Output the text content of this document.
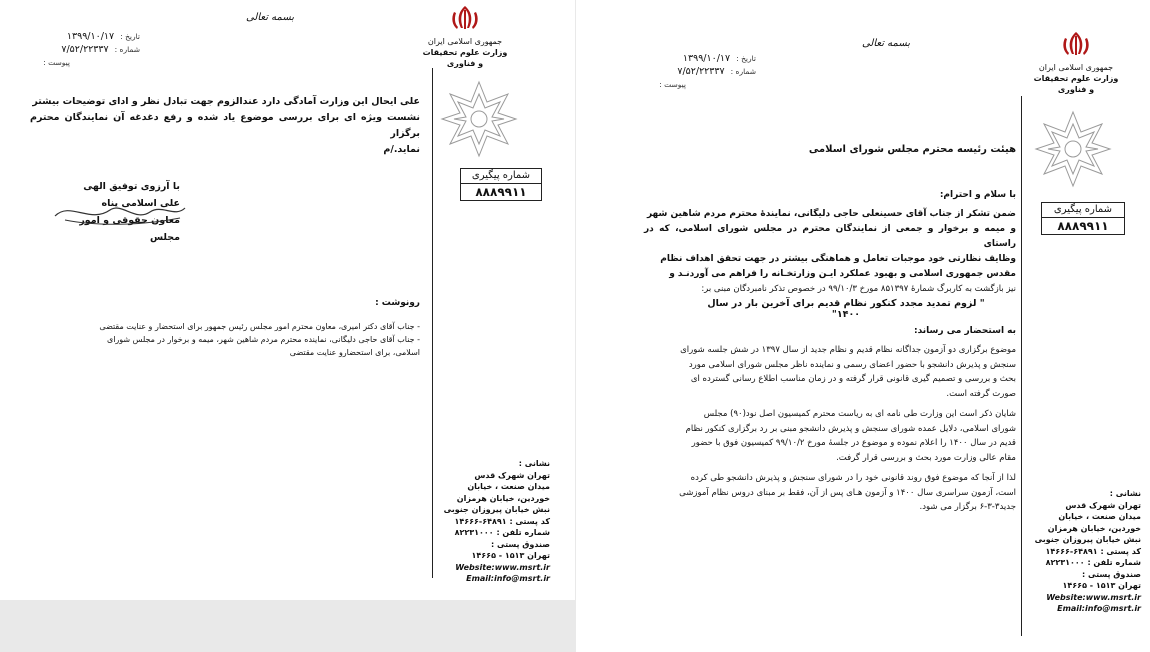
بسمه تعالی
تاریخ : ۱۳۹۹/۱۰/۱۷
شماره : ۷/۵۲/۲۲۳۳۷
پیوست :
جمهوری اسلامی ایران
وزارت علوم تحقیقات و فناوری
شماره پیگیری
۸۸۸۹۹۱۱
علی ایحال این وزارت آمادگی دارد عندالزوم جهت تبادل نظر و ادای توضیحات بیشتر
نشست ویژه ای برای بررسی موضوع یاد شده و رفع دغدغه آن نمایندگان محترم برگزار
نماید./م
با آرزوی توفیق الهی
علی اسلامی پناه
معاون حقوقی و امور مجلس
رونوشت :
- جناب آقای دکتر امیری، معاون محترم امور مجلس رئیس جمهور برای استحضار و عنایت مقتضی
- جناب آقای حاجی دلیگانی، نماینده محترم مردم شاهین شهر، میمه و برخوار در مجلس شورای
اسلامی، برای استحضارو عنایت مقتضی
نشانی :
تهران شهرک قدس
میدان صنعت ، خیابان
خوردین، خیابان هرمزان
نبش خیابان پیروزان جنوبی
کد پستی : ۶۴۸۹۱-۱۴۶۶۶
شماره تلفن : ۸۲۲۳۱۰۰۰
صندوق پستی :
تهران ۱۵۱۳ - ۱۴۶۶۵
Website:www.msrt.ir
Email:info@msrt.ir
بسمه تعالی
تاریخ : ۱۳۹۹/۱۰/۱۷
شماره : ۷/۵۲/۲۲۳۳۷
پیوست :
جمهوری اسلامی ایران
وزارت علوم تحقیقات و فناوری
شماره پیگیری
۸۸۸۹۹۱۱
هیئت رئیسه محترم مجلس شورای اسلامی
با سلام و احترام:
ضمن تشکر از جناب آقای حسینعلی حاجی دلیگانی، نمایندۀ محترم مردم شاهین شهر
و میمه و برخوار و جمعی از نمایندگان محترم در مجلس شورای اسلامی، که در راستای
وظایف نظارتی خود موجبات تعامل و هماهنگی بیشتر در جهت تحقق اهداف نظام
مقدس جمهوری اسلامی و بهبود عملکرد ایـن وزارتخـانه را فراهم می آوردنـد و
نیز بازگشت به کاربرگ شمارۀ ۸۵۱۳۹۷ مورخ ۹۹/۱۰/۳ در خصوص تذکر نامبردگان مبنی بر:
" لزوم تمدید مجدد کنکور نظام قدیم برای آخرین بار در سال ۱۴۰۰"
به استحضار می رساند:
موضوع برگزاری دو آزمون جداگانه نظام قدیم و نظام جدید از سال ۱۳۹۷ در شش جلسه شورای
سنجش و پذیرش دانشجو با حضور اعضای رسمی و نماینده ناظر مجلس شورای اسلامی مورد
بحث و بررسی و تصمیم گیری قانونی قرار گرفته و در زمان مناسب اطلاع رسانی گسترده ای
صورت گرفته است.
شایان ذکر است این وزارت طی نامه ای به ریاست محترم کمیسیون اصل نود(۹۰) مجلس
شورای اسلامی، دلایل عمده شورای سنجش و پذیرش دانشجو مبنی بر رد برگزاری کنکور نظام
قدیم در سال ۱۴۰۰ را اعلام نموده و موضوع در جلسۀ مورخ ۹۹/۱۰/۲ کمیسیون فوق با حضور
مقام عالی وزارت مورد بحث و بررسی قرار گرفت.
لذا از آنجا که موضوع فوق روند قانونی خود را در شورای سنجش و پذیرش دانشجو طی کرده
است، آزمون سراسری سال ۱۴۰۰ و آزمون هـای پس از آن، فقط بر مبنای دروس نظام آموزشی
جدید۳-۳-۶ برگزار می شود.
نشانی :
تهران شهرک قدس
میدان صنعت ، خیابان
خوردین، خیابان هرمزان
نبش خیابان پیروزان جنوبی
کد پستی : ۶۴۸۹۱-۱۴۶۶۶
شماره تلفن : ۸۲۲۳۱۰۰۰
صندوق پستی :
تهران ۱۵۱۳ - ۱۴۶۶۵
Website:www.msrt.ir
Email:info@msrt.ir
